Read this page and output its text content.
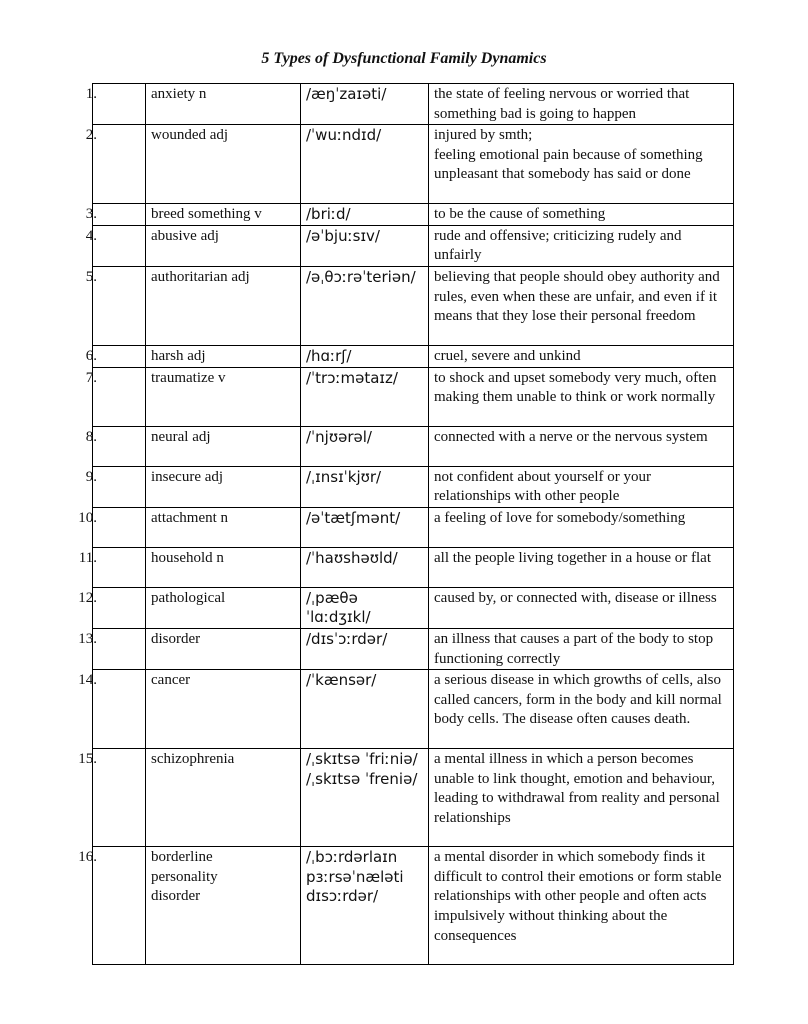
5 Types of Dysfunctional Family Dynamics
1.	anxiety n	/æŋˈzaɪəti/	the state of feeling nervous or worried that something bad is going to happen

2.	wounded adj	/ˈwuːndɪd/	injured by smth;
feeling emotional pain because of something unpleasant that somebody has said or done

3.	breed something v	/briːd/	to be the cause of something

4.	abusive adj	/əˈbjuːsɪv/	rude and offensive; criticizing rudely and unfairly

5.	authoritarian adj	/əˌθɔːrəˈteriən/	believing that people should obey authority and rules, even when these are unfair, and even if it means that they lose their personal freedom

6.	harsh adj	/hɑːrʃ/	cruel, severe and unkind

7.	traumatize v	/ˈtrɔːmətaɪz/	to shock and upset somebody very much, often making them unable to think or work normally

8.	neural adj	/ˈnjʊərəl/	connected with a nerve or the nervous system

9.	insecure adj	/ˌɪnsɪˈkjʊr/	not confident about yourself or your relationships with other people

10.	attachment n	/əˈtætʃmənt/	a feeling of love for somebody/something

11.	household n	/ˈhaʊshəʊld/	all the people living together in a house or flat

12.	pathological	/ˌpæθə ˈlɑːdʒɪkl/	caused by, or connected with, disease or illness

13.	disorder	/dɪsˈɔːrdər/	an illness that causes a part of the body to stop functioning correctly

14.	cancer	/ˈkænsər/	a serious disease in which growths of cells, also called cancers, form in the body and kill normal body cells. The disease often causes death.

15.	schizophrenia	/ˌskɪtsə ˈfriːniə/ /ˌskɪtsə ˈfreniə/	a mental illness in which a person becomes unable to link thought, emotion and behaviour, leading to withdrawal from reality and personal relationships

16.	borderline
personality
disorder	/ˌbɔːrdərlaɪn pɜːrsəˈnæləti dɪsɔːrdər/	a mental disorder in which somebody finds it difficult to control their emotions or form stable relationships with other people and often acts impulsively without thinking about the consequences
